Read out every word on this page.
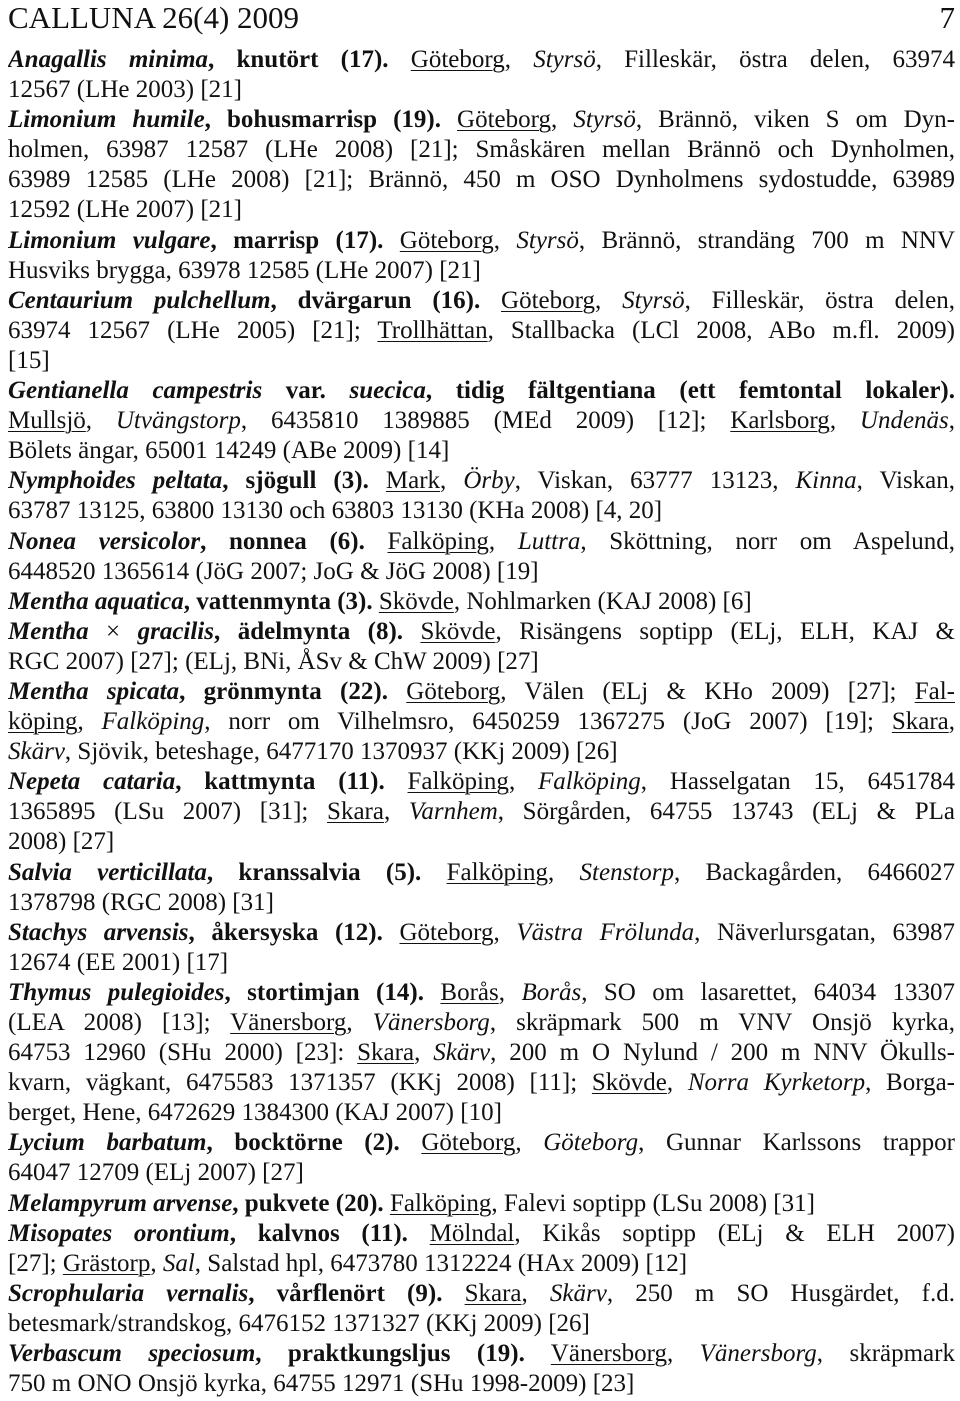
CALLUNA 26(4) 2009	7
Anagallis minima, knutört (17). Göteborg, Styrsö, Filleskär, östra delen, 63974
12567 (LHe 2003) [21]
Limonium humile, bohusmarrisp (19). Göteborg, Styrsö, Brännö, viken S om Dyn-
holmen, 63987 12587 (LHe 2008) [21]; Småskären mellan Brännö och Dynholmen,
63989 12585 (LHe 2008) [21]; Brännö, 450 m OSO Dynholmens sydostudde, 63989
12592 (LHe 2007) [21]
Limonium vulgare, marrisp (17). Göteborg, Styrsö, Brännö, strandäng 700 m NNV
Husviks brygga, 63978 12585 (LHe 2007) [21]
Centaurium pulchellum, dvärgarun (16). Göteborg, Styrsö, Filleskär, östra delen,
63974 12567 (LHe 2005) [21]; Trollhättan, Stallbacka (LCl 2008, ABo m.fl. 2009)
[15]
Gentianella campestris var. suecica, tidig fältgentiana (ett femtontal lokaler).
Mullsjö, Utvängstorp, 6435810 1389885 (MEd 2009) [12]; Karlsborg, Undenäs,
Bölets ängar, 65001 14249 (ABe 2009) [14]
Nymphoides peltata, sjögull (3). Mark, Örby, Viskan, 63777 13123, Kinna, Viskan,
63787 13125, 63800 13130 och 63803 13130 (KHa 2008) [4, 20]
Nonea versicolor, nonnea (6). Falköping, Luttra, Sköttning, norr om Aspelund,
6448520 1365614 (JöG 2007; JoG & JöG 2008) [19]
Mentha aquatica, vattenmynta (3). Skövde, Nohlmarken (KAJ 2008) [6]
Mentha × gracilis, ädelmynta (8). Skövde, Risängens soptipp (ELj, ELH, KAJ &
RGC 2007) [27]; (ELj, BNi, ÅSv & ChW 2009) [27]
Mentha spicata, grönmynta (22). Göteborg, Välen (ELj & KHo 2009) [27]; Fal-
köping, Falköping, norr om Vilhelmsro, 6450259 1367275 (JoG 2007) [19]; Skara,
Skärv, Sjövik, beteshage, 6477170 1370937 (KKj 2009) [26]
Nepeta cataria, kattmynta (11). Falköping, Falköping, Hasselgatan 15, 6451784
1365895 (LSu 2007) [31]; Skara, Varnhem, Sörgården, 64755 13743 (ELj & PLa
2008) [27]
Salvia verticillata, kranssalvia (5). Falköping, Stenstorp, Backagården, 6466027
1378798 (RGC 2008) [31]
Stachys arvensis, åkersyska (12). Göteborg, Västra Frölunda, Näverlursgatan, 63987
12674 (EE 2001) [17]
Thymus pulegioides, stortimjan (14). Borås, Borås, SO om lasarettet, 64034 13307
(LEA 2008) [13]; Vänersborg, Vänersborg, skräpmark 500 m VNV Onsjö kyrka,
64753 12960 (SHu 2000) [23]: Skara, Skärv, 200 m O Nylund / 200 m NNV Ökulls-
kvarn, vägkant, 6475583 1371357 (KKj 2008) [11]; Skövde, Norra Kyrketorp, Borga-
berget, Hene, 6472629 1384300 (KAJ 2007) [10]
Lycium barbatum, bocktörne (2). Göteborg, Göteborg, Gunnar Karlssons trappor
64047 12709 (ELj 2007) [27]
Melampyrum arvense, pukvete (20). Falköping, Falevi soptipp (LSu 2008) [31]
Misopates orontium, kalvnos (11). Mölndal, Kikås soptipp (ELj & ELH 2007)
[27]; Grästorp, Sal, Salstad hpl, 6473780 1312224 (HAx 2009) [12]
Scrophularia vernalis, vårflenört (9). Skara, Skärv, 250 m SO Husgärdet, f.d.
betesmark/strandskog, 6476152 1371327 (KKj 2009) [26]
Verbascum speciosum, praktkungsljus (19). Vänersborg, Vänersborg, skräpmark
750 m ONO Onsjö kyrka, 64755 12971 (SHu 1998-2009) [23]
